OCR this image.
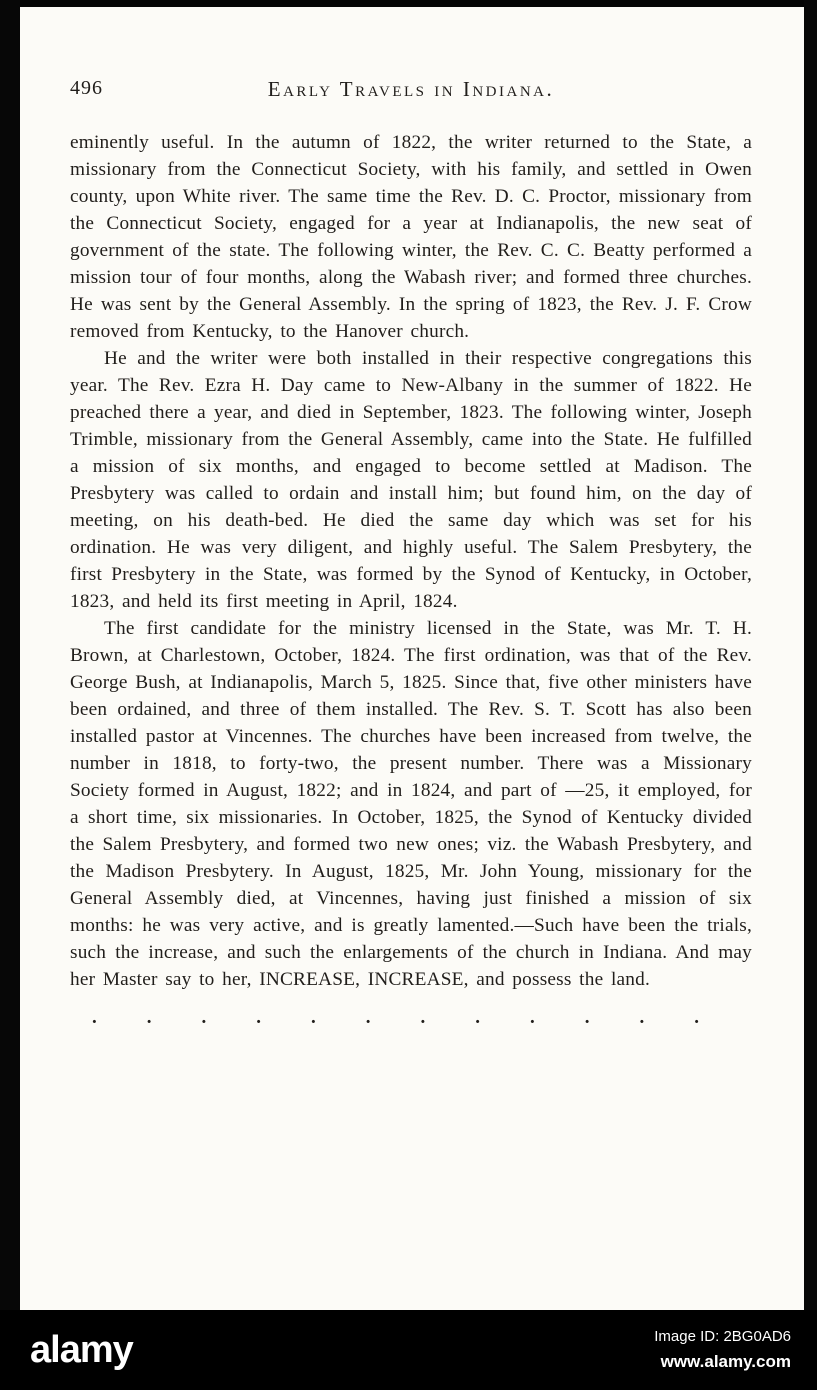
496	Early Travels in Indiana.

eminently useful. In the autumn of 1822, the writer returned to the State, a missionary from the Connecticut Society, with his family, and settled in Owen county, upon White river. The same time the Rev. D. C. Proctor, missionary from the Connecticut Society, engaged for a year at Indianapolis, the new seat of government of the state. The following winter, the Rev. C. C. Beatty performed a mission tour of four months, along the Wabash river; and formed three churches. He was sent by the General Assembly. In the spring of 1823, the Rev. J. F. Crow removed from Kentucky, to the Hanover church.

He and the writer were both installed in their respective congregations this year. The Rev. Ezra H. Day came to New-Albany in the summer of 1822. He preached there a year, and died in September, 1823. The following winter, Joseph Trimble, missionary from the General Assembly, came into the State. He fulfilled a mission of six months, and engaged to become settled at Madison. The Presbytery was called to ordain and install him; but found him, on the day of meeting, on his death-bed. He died the same day which was set for his ordination. He was very diligent, and highly useful. The Salem Presbytery, the first Presbytery in the State, was formed by the Synod of Kentucky, in October, 1823, and held its first meeting in April, 1824.

The first candidate for the ministry licensed in the State, was Mr. T. H. Brown, at Charlestown, October, 1824. The first ordination, was that of the Rev. George Bush, at Indianapolis, March 5, 1825. Since that, five other ministers have been ordained, and three of them installed. The Rev. S. T. Scott has also been installed pastor at Vincennes. The churches have been increased from twelve, the number in 1818, to forty-two, the present number. There was a Missionary Society formed in August, 1822; and in 1824, and part of —25, it employed, for a short time, six missionaries. In October, 1825, the Synod of Kentucky divided the Salem Presbytery, and formed two new ones; viz. the Wabash Presbytery, and the Madison Presbytery. In August, 1825, Mr. John Young, missionary for the General Assembly died, at Vincennes, having just finished a mission of six months: he was very active, and is greatly lamented.—Such have been the trials, such the increase, and such the enlargements of the church in Indiana. And may her Master say to her, INCREASE, INCREASE, and possess the land.

............
alamy	Image ID: 2BG0AD6
www.alamy.com
